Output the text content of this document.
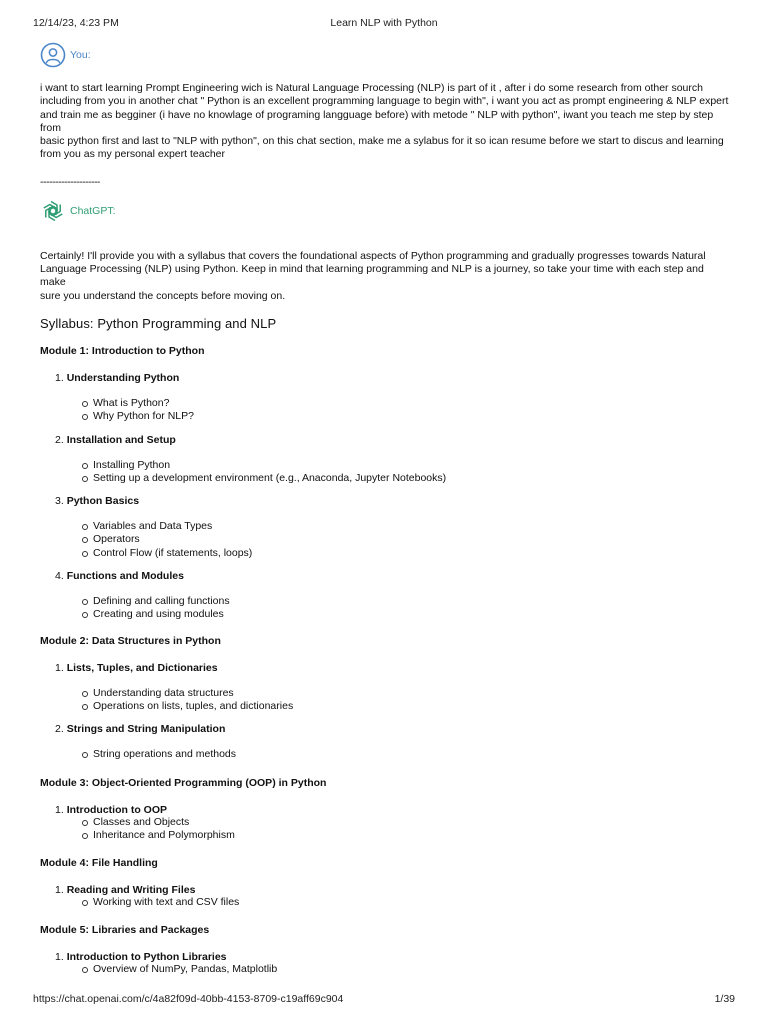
12/14/23, 4:23 PM	Learn NLP with Python
You:

i want to start learning Prompt Engineering wich is Natural Language Processing (NLP) is part of it , after i do some research from other sourch

including from you in another chat " Python is an excellent programming language to begin with", i want you act as prompt engineering & NLP expert

and train me as begginer (i have no knowlage of programing langguage before) with metode " NLP with python", iwant you teach me step by step from

basic python first and last to "NLP with python", on this chat section, make me a sylabus for it so ican resume before we start to discus and learning

from you as my personal expert teacher

--------------------
ChatGPT:

Certainly! I'll provide you with a syllabus that covers the foundational aspects of Python programming and gradually progresses towards Natural

Language Processing (NLP) using Python. Keep in mind that learning programming and NLP is a journey, so take your time with each step and make

sure you understand the concepts before moving on.

Syllabus: Python Programming and NLP
Module 1: Introduction to Python
1. Understanding Python
What is Python?
Why Python for NLP?
2. Installation and Setup
Installing Python
Setting up a development environment (e.g., Anaconda, Jupyter Notebooks)
3. Python Basics
Variables and Data Types
Operators
Control Flow (if statements, loops)
4. Functions and Modules
Defining and calling functions
Creating and using modules
Module 2: Data Structures in Python
1. Lists, Tuples, and Dictionaries
Understanding data structures
Operations on lists, tuples, and dictionaries
2. Strings and String Manipulation
String operations and methods
Module 3: Object-Oriented Programming (OOP) in Python
1. Introduction to OOP
Classes and Objects
Inheritance and Polymorphism
Module 4: File Handling
1. Reading and Writing Files
Working with text and CSV files
Module 5: Libraries and Packages
1. Introduction to Python Libraries
Overview of NumPy, Pandas, Matplotlib
https://chat.openai.com/c/4a82f09d-40bb-4153-8709-c19aff69c904	1/39
